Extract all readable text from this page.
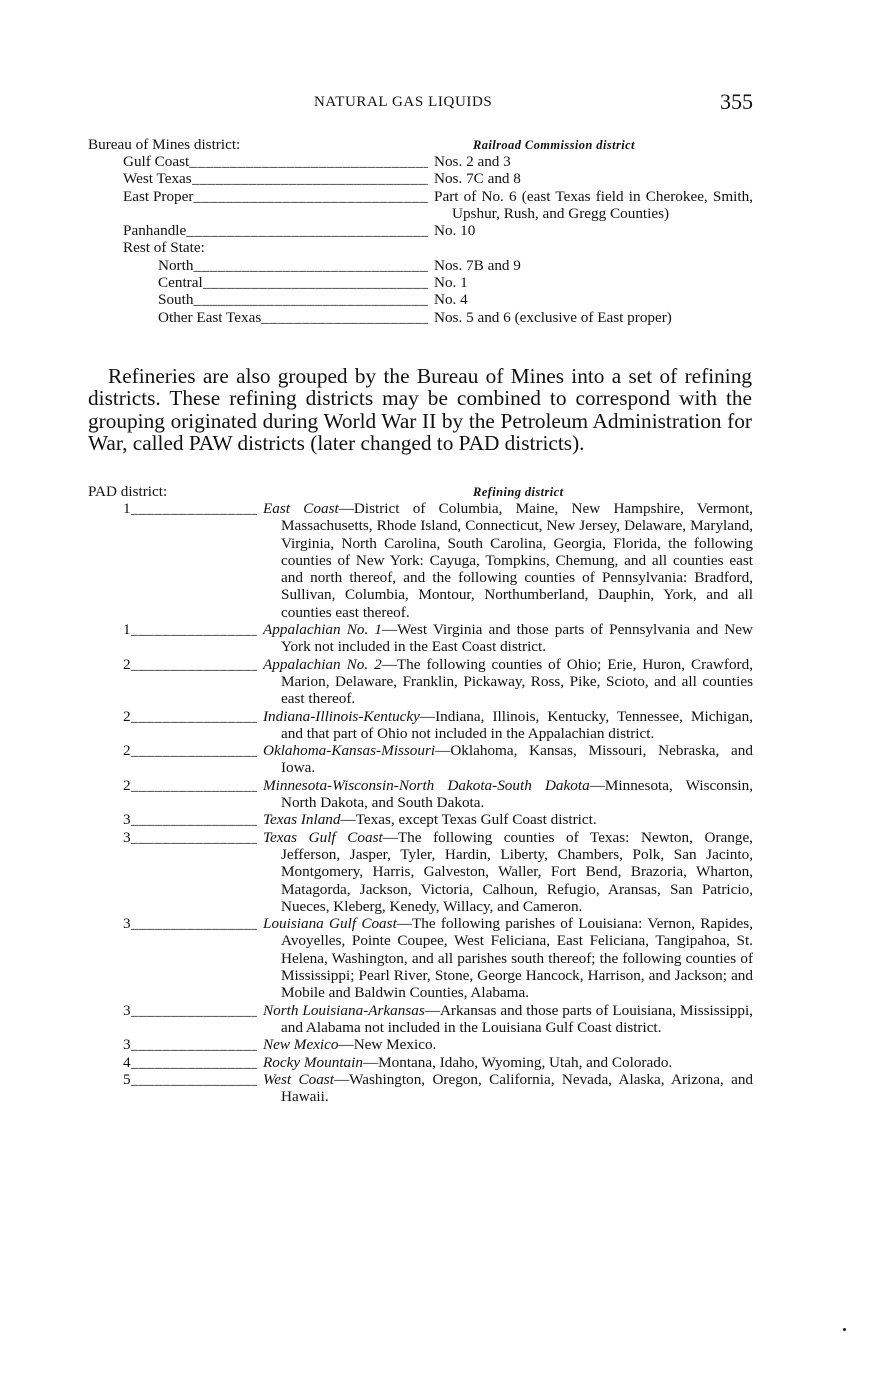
NATURAL GAS LIQUIDS	355
Bureau of Mines district:	Railroad Commission district
Gulf Coast _____	Nos. 2 and 3
West Texas _____	Nos. 7C and 8
East Proper _____	Part of No. 6 (east Texas field in Cherokee, Smith, Upshur, Rush, and Gregg Counties)
Panhandle _____	No. 10
Rest of State:
North _____	Nos. 7B and 9
Central _____	No. 1
South _____	No. 4
Other East Texas _____	Nos. 5 and 6 (exclusive of East proper)
Refineries are also grouped by the Bureau of Mines into a set of refining districts. These refining districts may be combined to correspond with the grouping originated during World War II by the Petroleum Administration for War, called PAW districts (later changed to PAD districts).
PAD district:	Refining district
1 _____	East Coast—District of Columbia, Maine, New Hampshire, Vermont, Massachusetts, Rhode Island, Connecticut, New Jersey, Delaware, Maryland, Virginia, North Carolina, South Carolina, Georgia, Florida, the following counties of New York: Cayuga, Tompkins, Chemung, and all counties east and north thereof, and the following counties of Pennsylvania: Bradford, Sullivan, Columbia, Montour, Northumberland, Dauphin, York, and all counties east thereof.
1 _____	Appalachian No. 1—West Virginia and those parts of Pennsylvania and New York not included in the East Coast district.
2 _____	Appalachian No. 2—The following counties of Ohio; Erie, Huron, Crawford, Marion, Delaware, Franklin, Pickaway, Ross, Pike, Scioto, and all counties east thereof.
2 _____	Indiana-Illinois-Kentucky—Indiana, Illinois, Kentucky, Tennessee, Michigan, and that part of Ohio not included in the Appalachian district.
2 _____	Oklahoma-Kansas-Missouri—Oklahoma, Kansas, Missouri, Nebraska, and Iowa.
2 _____	Minnesota-Wisconsin-North Dakota-South Dakota—Minnesota, Wisconsin, North Dakota, and South Dakota.
3 _____	Texas Inland—Texas, except Texas Gulf Coast district.
3 _____	Texas Gulf Coast—The following counties of Texas: Newton, Orange, Jefferson, Jasper, Tyler, Hardin, Liberty, Chambers, Polk, San Jacinto, Montgomery, Harris, Galveston, Waller, Fort Bend, Brazoria, Wharton, Matagorda, Jackson, Victoria, Calhoun, Refugio, Aransas, San Patricio, Nueces, Kleberg, Kenedy, Willacy, and Cameron.
3 _____	Louisiana Gulf Coast—The following parishes of Louisiana: Vernon, Rapides, Avoyelles, Pointe Coupee, West Feliciana, East Feliciana, Tangipahoa, St. Helena, Washington, and all parishes south thereof; the following counties of Mississippi; Pearl River, Stone, George Hancock, Harrison, and Jackson; and Mobile and Baldwin Counties, Alabama.
3 _____	North Louisiana-Arkansas—Arkansas and those parts of Louisiana, Mississippi, and Alabama not included in the Louisiana Gulf Coast district.
3 _____	New Mexico—New Mexico.
4 _____	Rocky Mountain—Montana, Idaho, Wyoming, Utah, and Colorado.
5 _____	West Coast—Washington, Oregon, California, Nevada, Alaska, Arizona, and Hawaii.
